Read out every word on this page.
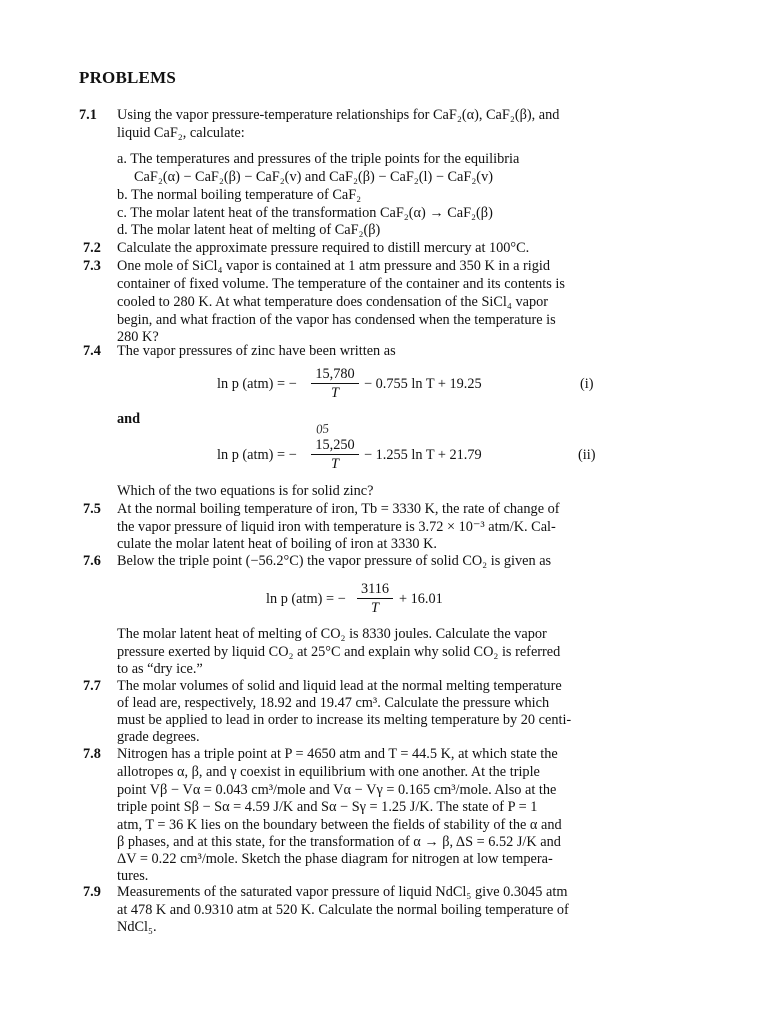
PROBLEMS
7.1 Using the vapor pressure-temperature relationships for CaF₂(α), CaF₂(β), and
liquid CaF₂, calculate:
a. The temperatures and pressures of the triple points for the equilibria
CaF₂(α) − CaF₂(β) − CaF₂(v) and CaF₂(β) − CaF₂(l) − CaF₂(v)
b. The normal boiling temperature of CaF₂
c. The molar latent heat of the transformation CaF₂(α) → CaF₂(β)
d. The molar latent heat of melting of CaF₂(β)
7.2 Calculate the approximate pressure required to distill mercury at 100°C.
7.3 One mole of SiCl₄ vapor is contained at 1 atm pressure and 350 K in a rigid
container of fixed volume. The temperature of the container and its contents is
cooled to 280 K. At what temperature does condensation of the SiCl₄ vapor
begin, and what fraction of the vapor has condensed when the temperature is
280 K?
7.4 The vapor pressures of zinc have been written as
ln p (atm) = − $\frac{15,780}{T} - 0.755$ ln T + 19.25	(i)
and
05
ln p (atm) = − $\frac{15,250}{T} - 1.255$ ln T + 21.79	(ii)
Which of the two equations is for solid zinc?
7.5 At the normal boiling temperature of iron, Tb = 3330 K, the rate of change of
the vapor pressure of liquid iron with temperature is 3.72 × 10⁻³ atm/K. Cal-
culate the molar latent heat of boiling of iron at 3330 K.
7.6 Below the triple point (−56.2°C) the vapor pressure of solid CO₂ is given as
ln p (atm) = − $\frac{3116}{T} + 16.01$
The molar latent heat of melting of CO₂ is 8330 joules. Calculate the vapor
pressure exerted by liquid CO₂ at 25°C and explain why solid CO₂ is referred
to as “dry ice.”
7.7 The molar volumes of solid and liquid lead at the normal melting temperature
of lead are, respectively, 18.92 and 19.47 cm³. Calculate the pressure which
must be applied to lead in order to increase its melting temperature by 20 centi-
grade degrees.
7.8 Nitrogen has a triple point at P = 4650 atm and T = 44.5 K, at which state the
allotropes α, β, and γ coexist in equilibrium with one another. At the triple
point Vβ − Vα = 0.043 cm³/mole and Vα − Vγ = 0.165 cm³/mole. Also at the
triple point Sβ − Sα = 4.59 J/K and Sα − Sγ = 1.25 J/K. The state of P = 1
atm, T = 36 K lies on the boundary between the fields of stability of the α and
β phases, and at this state, for the transformation of α → β, ΔS = 6.52 J/K and
ΔV = 0.22 cm³/mole. Sketch the phase diagram for nitrogen at low tempera-
tures.
7.9 Measurements of the saturated vapor pressure of liquid NdCl₅ give 0.3045 atm
at 478 K and 0.9310 atm at 520 K. Calculate the normal boiling temperature of
NdCl₅.
